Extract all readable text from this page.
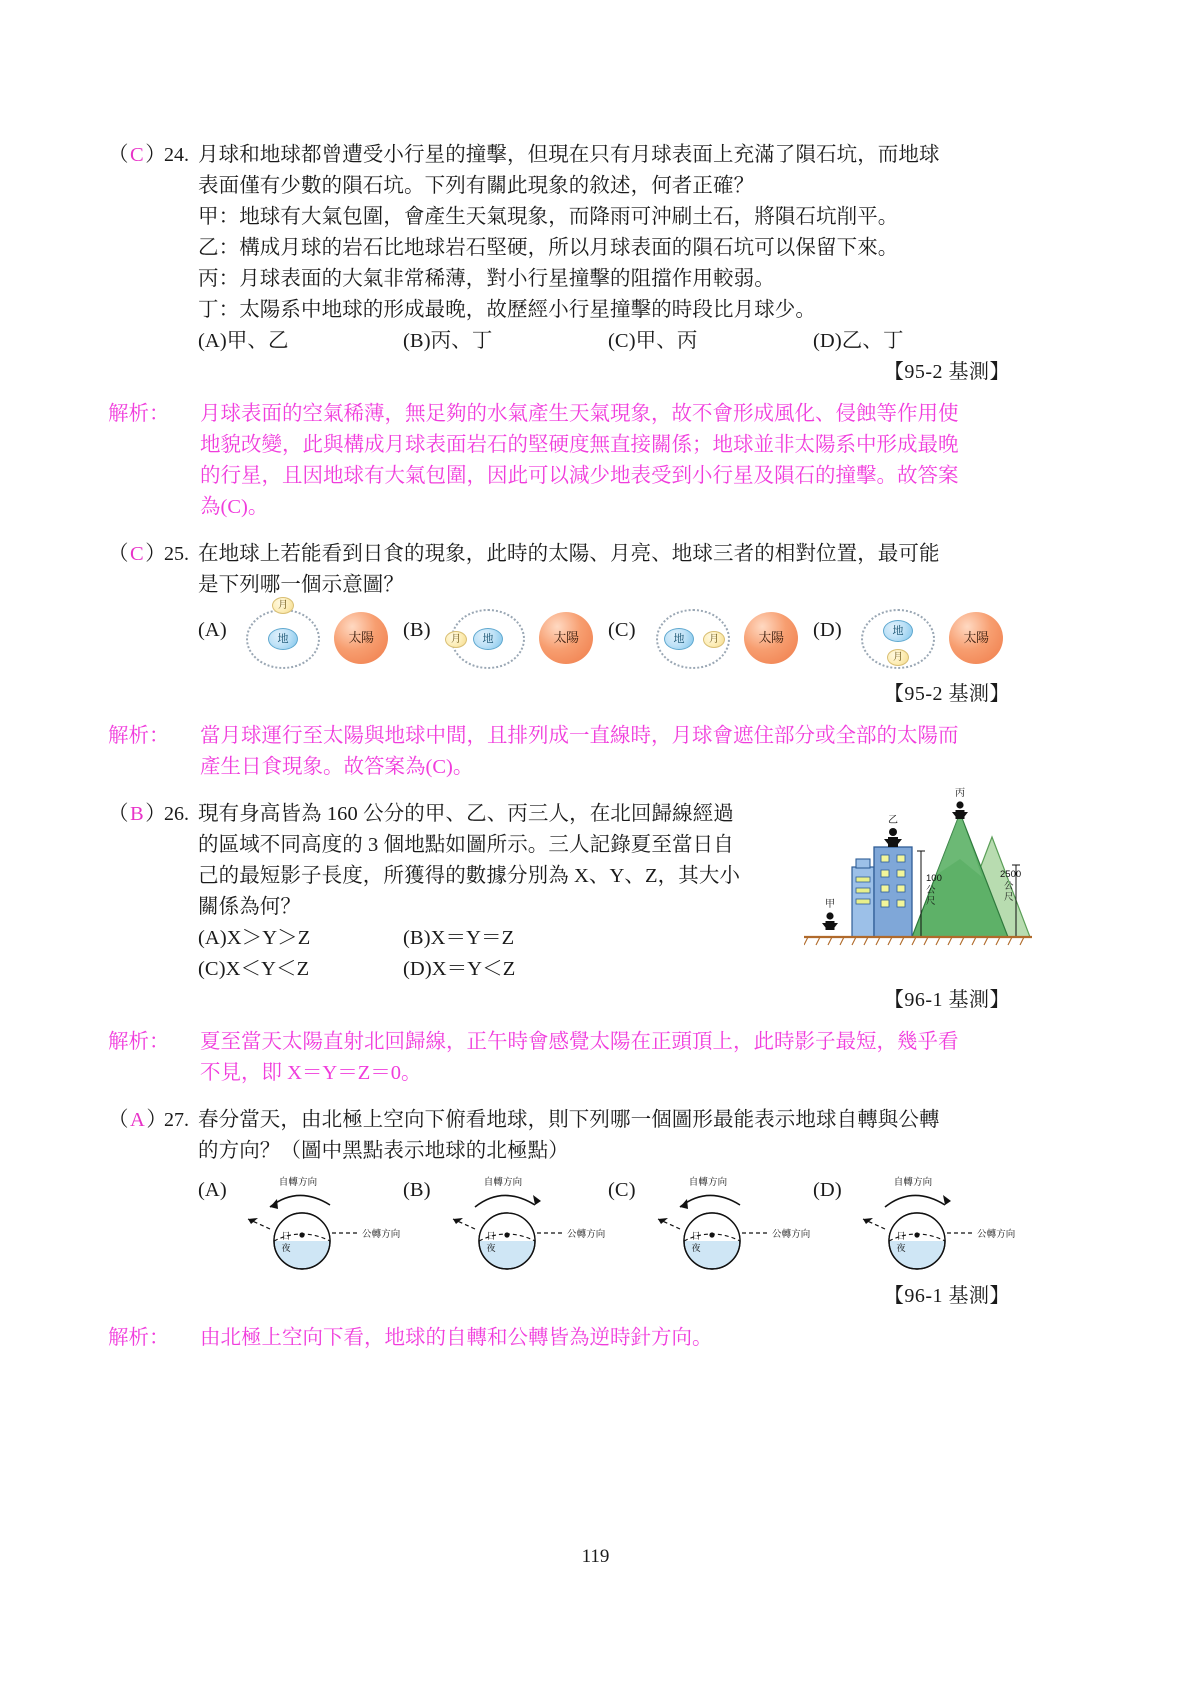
（C）
24. 月球和地球都曾遭受小行星的撞擊，但現在只有月球表面上充滿了隕石坑，而地球
表面僅有少數的隕石坑。下列有關此現象的敘述，何者正確？
甲：地球有大氣包圍，會產生天氣現象，而降雨可沖刷土石，將隕石坑削平。
乙：構成月球的岩石比地球岩石堅硬，所以月球表面的隕石坑可以保留下來。
丙：月球表面的大氣非常稀薄，對小行星撞擊的阻擋作用較弱。
丁：太陽系中地球的形成最晚，故歷經小行星撞擊的時段比月球少。
(A)甲、乙	(B)丙、丁	(C)甲、丙	(D)乙、丁
【95-2 基測】
解析：	月球表面的空氣稀薄，無足夠的水氣產生天氣現象，故不會形成風化、侵蝕等作用使
地貌改變，此與構成月球表面岩石的堅硬度無直接關係；地球並非太陽系中形成最晚
的行星，且因地球有大氣包圍，因此可以減少地表受到小行星及隕石的撞擊。故答案
為(C)。
（C）
25. 在地球上若能看到日食的現象，此時的太陽、月亮、地球三者的相對位置，最可能
是下列哪一個示意圖？
(A)	地
月
太陽	(B)	地
月	太陽	(C)	地	月	太陽	(D)	地
月
太陽
【95-2 基測】
解析：	當月球運行至太陽與地球中間，且排列成一直線時，月球會遮住部分或全部的太陽而
產生日食現象。故答案為(C)。
（B）
26. 現有身高皆為 160 公分的甲、乙、丙三人，在北回歸線經過
的區域不同高度的 3 個地點如圖所示。三人記錄夏至當日自
己的最短影子長度，所獲得的數據分別為 X、Y、Z，其大小
關係為何？
(A)X＞Y＞Z	(B)X＝Y＝Z
(C)X＜Y＜Z	(D)X＝Y＜Z
乙
丙
甲
100
公
尺
2500
公
尺
【96-1 基測】
解析：	夏至當天太陽直射北回歸線，正午時會感覺太陽在正頭頂上，此時影子最短，幾乎看
不見，即 X＝Y＝Z＝0。
（A）
27. 春分當天，由北極上空向下俯看地球，則下列哪一個圖形最能表示地球自轉與公轉
的方向？（圖中黑點表示地球的北極點）
(A)	自轉方向
日
夜
公轉方向
(B)	自轉方向
日
夜
公轉方向
(C)	自轉方向
日
夜
公轉方向
(D)	自轉方向
日
夜
公轉方向
【96-1 基測】
解析：	由北極上空向下看，地球的自轉和公轉皆為逆時針方向。
119
